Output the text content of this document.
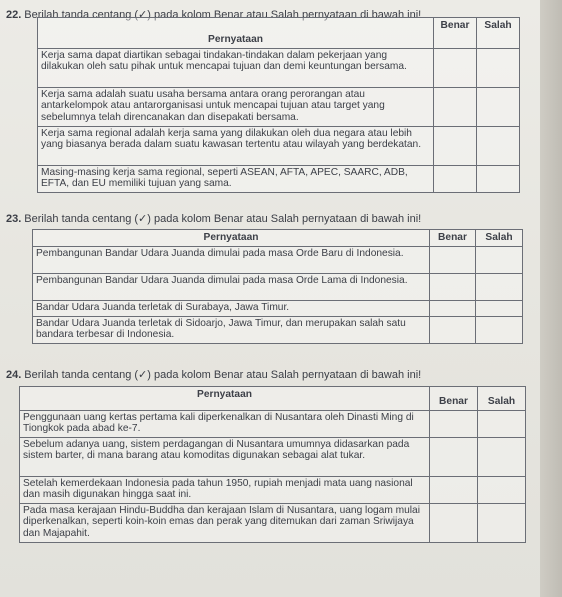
22. Berilah tanda centang (✓) pada kolom Benar atau Salah pernyataan di bawah ini!
Pernyataan	Benar	Salah
Kerja sama dapat diartikan sebagai tindakan-tindakan dalam pekerjaan yang dilakukan oleh satu pihak untuk mencapai tujuan dan demi keuntungan bersama.		
Kerja sama adalah suatu usaha bersama antara orang perorangan atau antarkelompok atau antarorganisasi untuk mencapai tujuan atau target yang sebelumnya telah direncanakan dan disepakati bersama.		
Kerja sama regional adalah kerja sama yang dilakukan oleh dua negara atau lebih yang biasanya berada dalam suatu kawasan tertentu atau wilayah yang berdekatan.		
Masing-masing kerja sama regional, seperti ASEAN, AFTA, APEC, SAARC, ADB, EFTA, dan EU memiliki tujuan yang sama.		
23. Berilah tanda centang (✓) pada kolom Benar atau Salah pernyataan di bawah ini!
Pernyataan	Benar	Salah
Pembangunan Bandar Udara Juanda dimulai pada masa Orde Baru di Indonesia.		
Pembangunan Bandar Udara Juanda dimulai pada masa Orde Lama di Indonesia.		
Bandar Udara Juanda terletak di Surabaya, Jawa Timur.		
Bandar Udara Juanda terletak di Sidoarjo, Jawa Timur, dan merupakan salah satu bandara terbesar di Indonesia.		
24. Berilah tanda centang (✓) pada kolom Benar atau Salah pernyataan di bawah ini!
Pernyataan	Benar	Salah
Penggunaan uang kertas pertama kali diperkenalkan di Nusantara oleh Dinasti Ming di Tiongkok pada abad ke-7.		
Sebelum adanya uang, sistem perdagangan di Nusantara umumnya didasarkan pada sistem barter, di mana barang atau komoditas digunakan sebagai alat tukar.		
Setelah kemerdekaan Indonesia pada tahun 1950, rupiah menjadi mata uang nasional dan masih digunakan hingga saat ini.		
Pada masa kerajaan Hindu-Buddha dan kerajaan Islam di Nusantara, uang logam mulai diperkenalkan, seperti koin-koin emas dan perak yang ditemukan dari zaman Sriwijaya dan Majapahit.		
